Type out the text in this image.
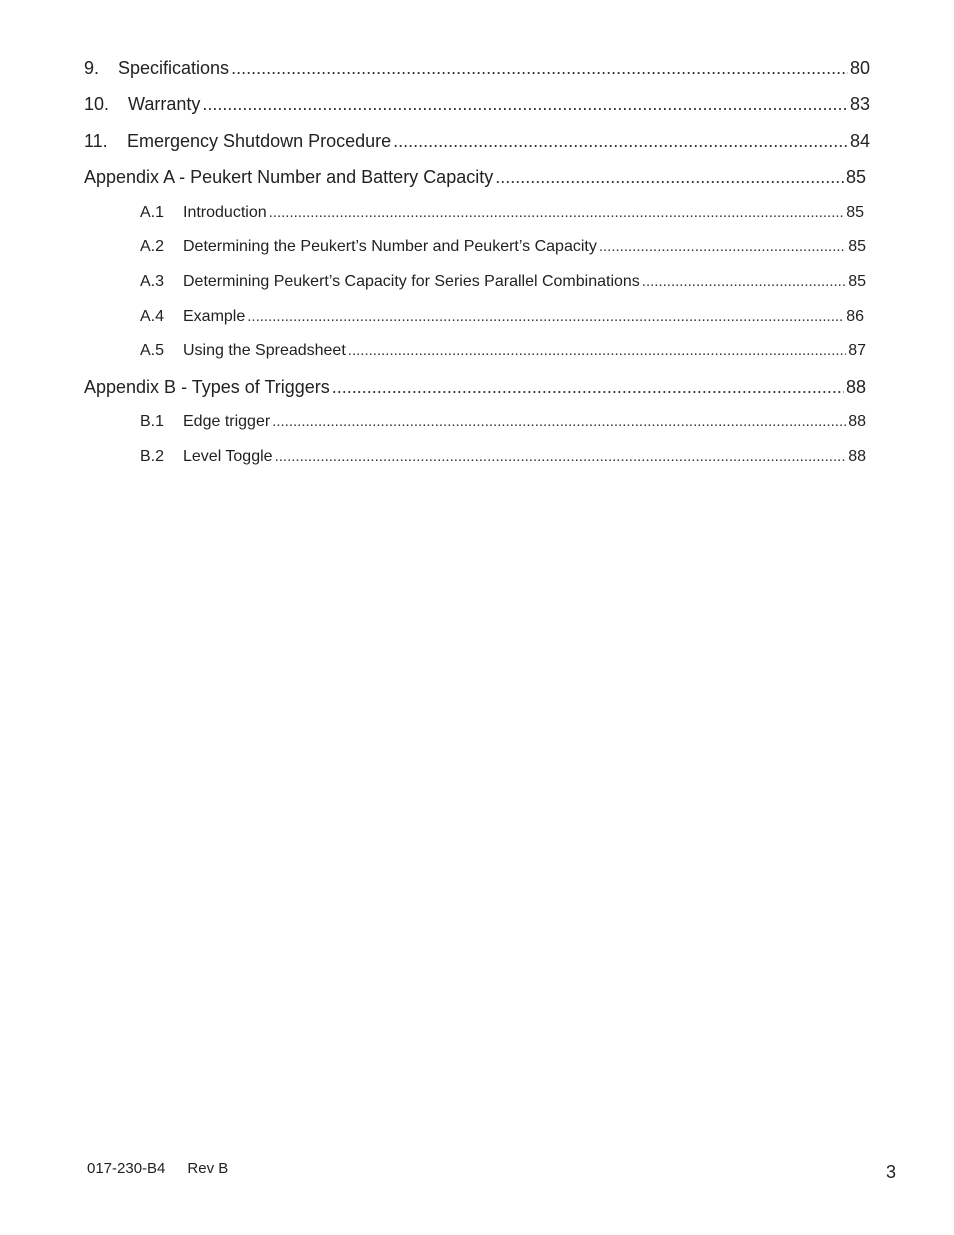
9.	Specifications .....	80
10.	Warranty .....	83
11.	Emergency Shutdown Procedure .....	84
Appendix A - Peukert Number and Battery Capacity .....	85
A.1	Introduction .....	85
A.2	Determining the Peukert’s Number and Peukert’s Capacity .....	85
A.3	Determining Peukert’s Capacity for Series Parallel Combinations .....	85
A.4	Example .....	86
A.5	Using the Spreadsheet .....	87
Appendix B - Types of Triggers .....	88
B.1	Edge trigger .....	88
B.2	Level Toggle .....	88
017-230-B4 Rev B	3
